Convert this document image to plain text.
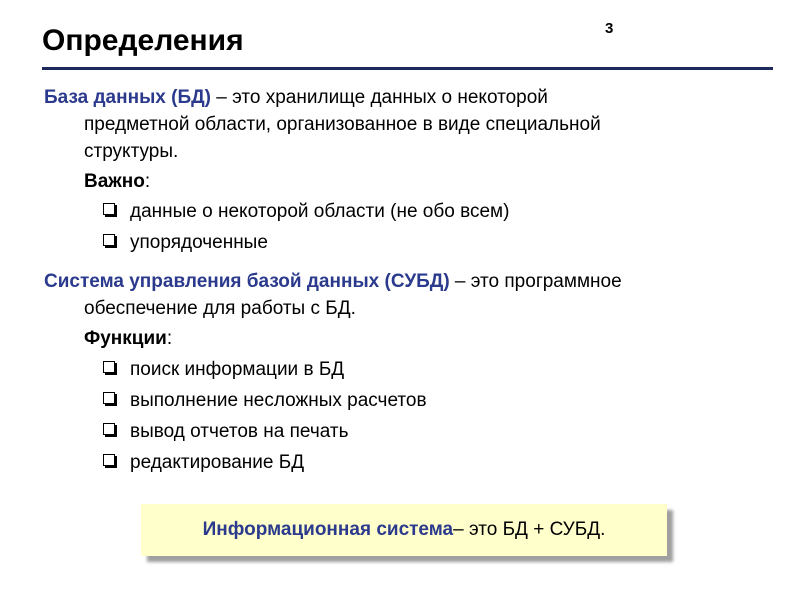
Определения	3
База данных (БД) – это хранилище данных о некоторой
предметной области, организованное в виде специальной
структуры.
Важно:
данные о некоторой области (не обо всем)
упорядоченные
Система управления базой данных (СУБД) – это программное
обеспечение для работы с БД.
Функции:
поиск информации в БД
выполнение несложных расчетов
вывод отчетов на печать
редактирование БД
Информационная система – это БД + СУБД.
